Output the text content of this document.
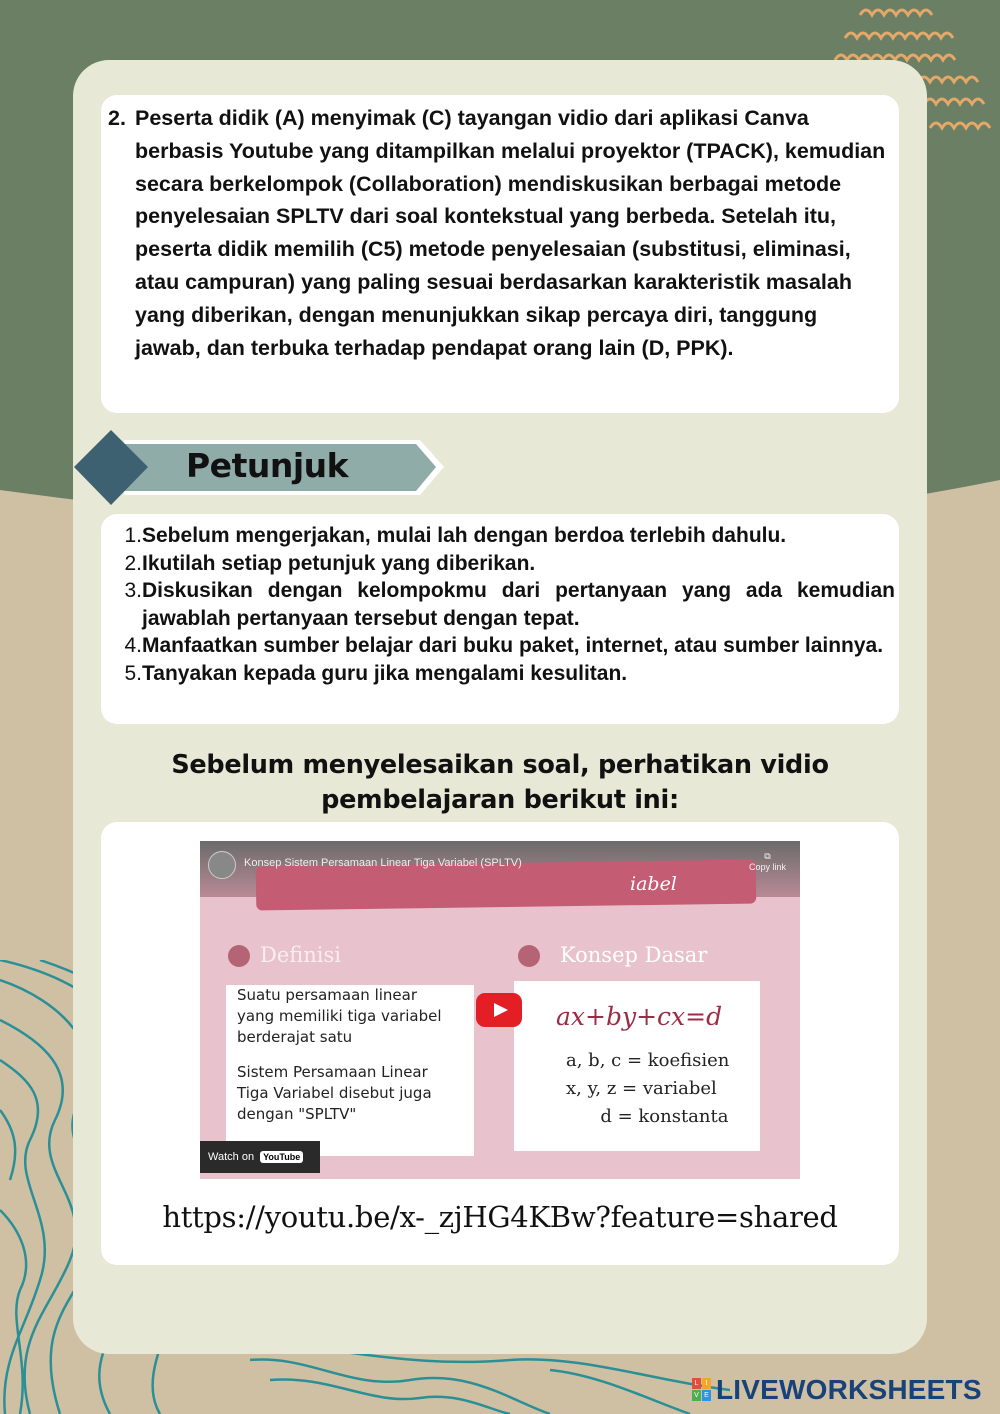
2. Peserta didik (A) menyimak (C) tayangan vidio dari aplikasi Canva berbasis Youtube yang ditampilkan melalui proyektor (TPACK), kemudian secara berkelompok (Collaboration) mendiskusikan berbagai metode penyelesaian SPLTV dari soal kontekstual yang berbeda. Setelah itu, peserta didik memilih (C5) metode penyelesaian (substitusi, eliminasi, atau campuran) yang paling sesuai berdasarkan karakteristik masalah yang diberikan, dengan menunjukkan sikap percaya diri, tanggung jawab, dan terbuka terhadap pendapat orang lain (D, PPK).
Petunjuk
1. Sebelum mengerjakan, mulai lah dengan berdoa terlebih dahulu.
2. Ikutilah setiap petunjuk yang diberikan.
3. Diskusikan dengan kelompokmu dari pertanyaan yang ada kemudian jawablah pertanyaan tersebut dengan tepat.
4. Manfaatkan sumber belajar dari buku paket, internet, atau sumber lainnya.
5. Tanyakan kepada guru jika mengalami kesulitan.
Sebelum menyelesaikan soal, perhatikan vidio pembelajaran berikut ini:
iabel
Konsep Sistem Persamaan Linear Tiga Variabel (SPLTV)
⧉
Copy link
Definisi	Konsep Dasar
Suatu persamaan linear yang memiliki tiga variabel berderajat satu
Sistem Persamaan Linear Tiga Variabel disebut juga dengan "SPLTV"
ax+by+cx=d
a, b, c = koefisien
x, y, z = variabel
d = konstanta
Watch on YouTube
https://youtu.be/x-_zjHG4KBw?feature=shared
L	I
V E LIVEWORKSHEETS
